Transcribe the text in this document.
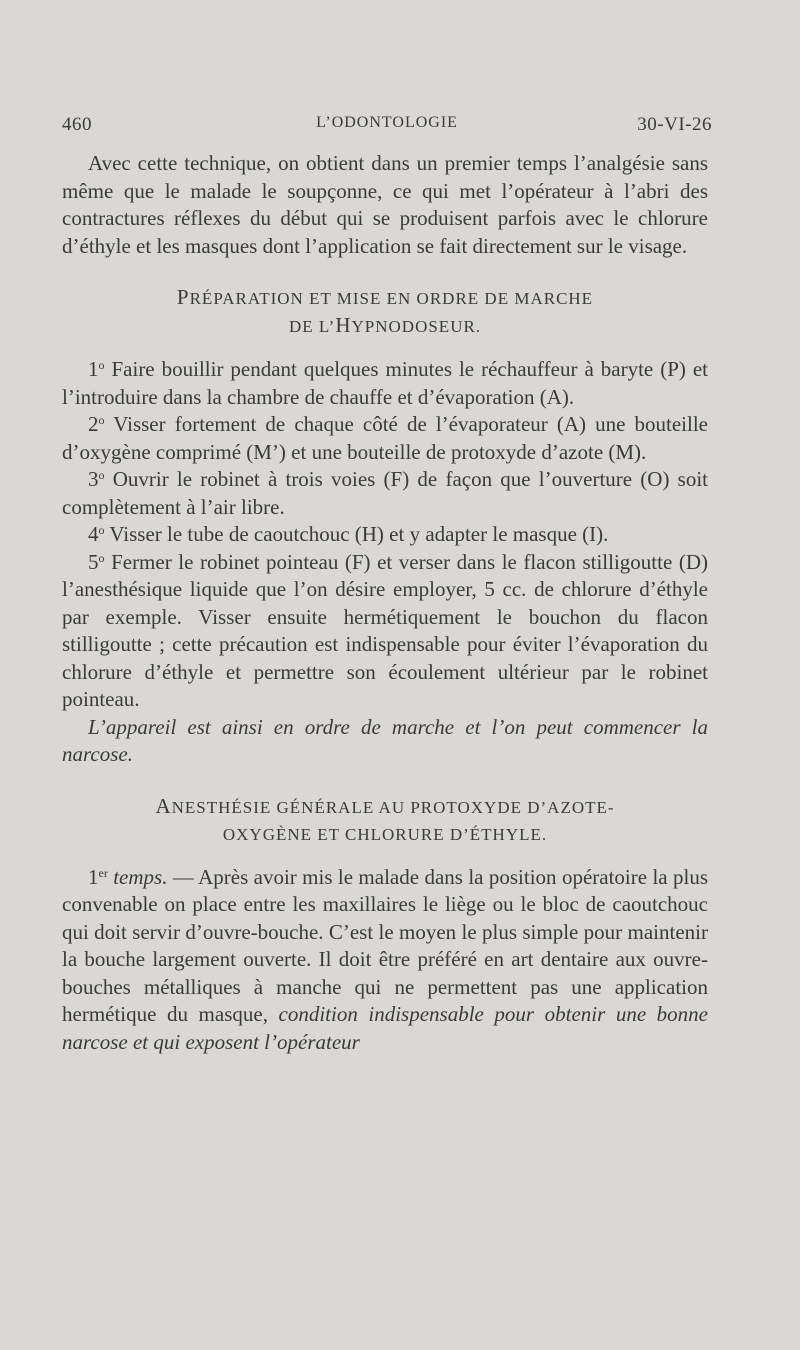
460	L’ODONTOLOGIE	30-VI-26

Avec cette technique, on obtient dans un premier temps l’analgésie sans même que le malade le soupçonne, ce qui met l’opérateur à l’abri des contractures réflexes du début qui se produisent parfois avec le chlorure d’éthyle et les masques dont l’application se fait directement sur le visage.

PRÉPARATION ET MISE EN ORDRE DE MARCHE
DE L’HYPNODOSEUR.

1$^o$ Faire bouillir pendant quelques minutes le réchauffeur à baryte (P) et l’introduire dans la chambre de chauffe et d’évaporation (A).

2$^o$ Visser fortement de chaque côté de l’évaporateur (A) une bouteille d’oxygène comprimé (M’) et une bouteille de protoxyde d’azote (M).

3$^o$ Ouvrir le robinet à trois voies (F) de façon que l’ouverture (O) soit complètement à l’air libre.

4$^o$ Visser le tube de caoutchouc (H) et y adapter le masque (I).

5$^o$ Fermer le robinet pointeau (F) et verser dans le flacon stilligoutte (D) l’anesthésique liquide que l’on désire employer, 5 cc. de chlorure d’éthyle par exemple. Visser ensuite hermétiquement le bouchon du flacon stilligoutte ; cette précaution est indispensable pour éviter l’évaporation du chlorure d’éthyle et permettre son écoulement ultérieur par le robinet pointeau.

L’appareil est ainsi en ordre de marche et l’on peut commencer la narcose.

ANESTHÉSIE GÉNÉRALE AU PROTOXYDE D’AZOTE-
OXYGÈNE ET CHLORURE D’ÉTHYLE.

1er temps. — Après avoir mis le malade dans la position opératoire la plus convenable on place entre les maxillaires le liège ou le bloc de caoutchouc qui doit servir d’ouvre-bouche. C’est le moyen le plus simple pour maintenir la bouche largement ouverte. Il doit être préféré en art dentaire aux ouvre-bouches métalliques à manche qui ne permettent pas une application hermétique du masque, condition indispensable pour obtenir une bonne narcose et qui exposent l’opérateur
